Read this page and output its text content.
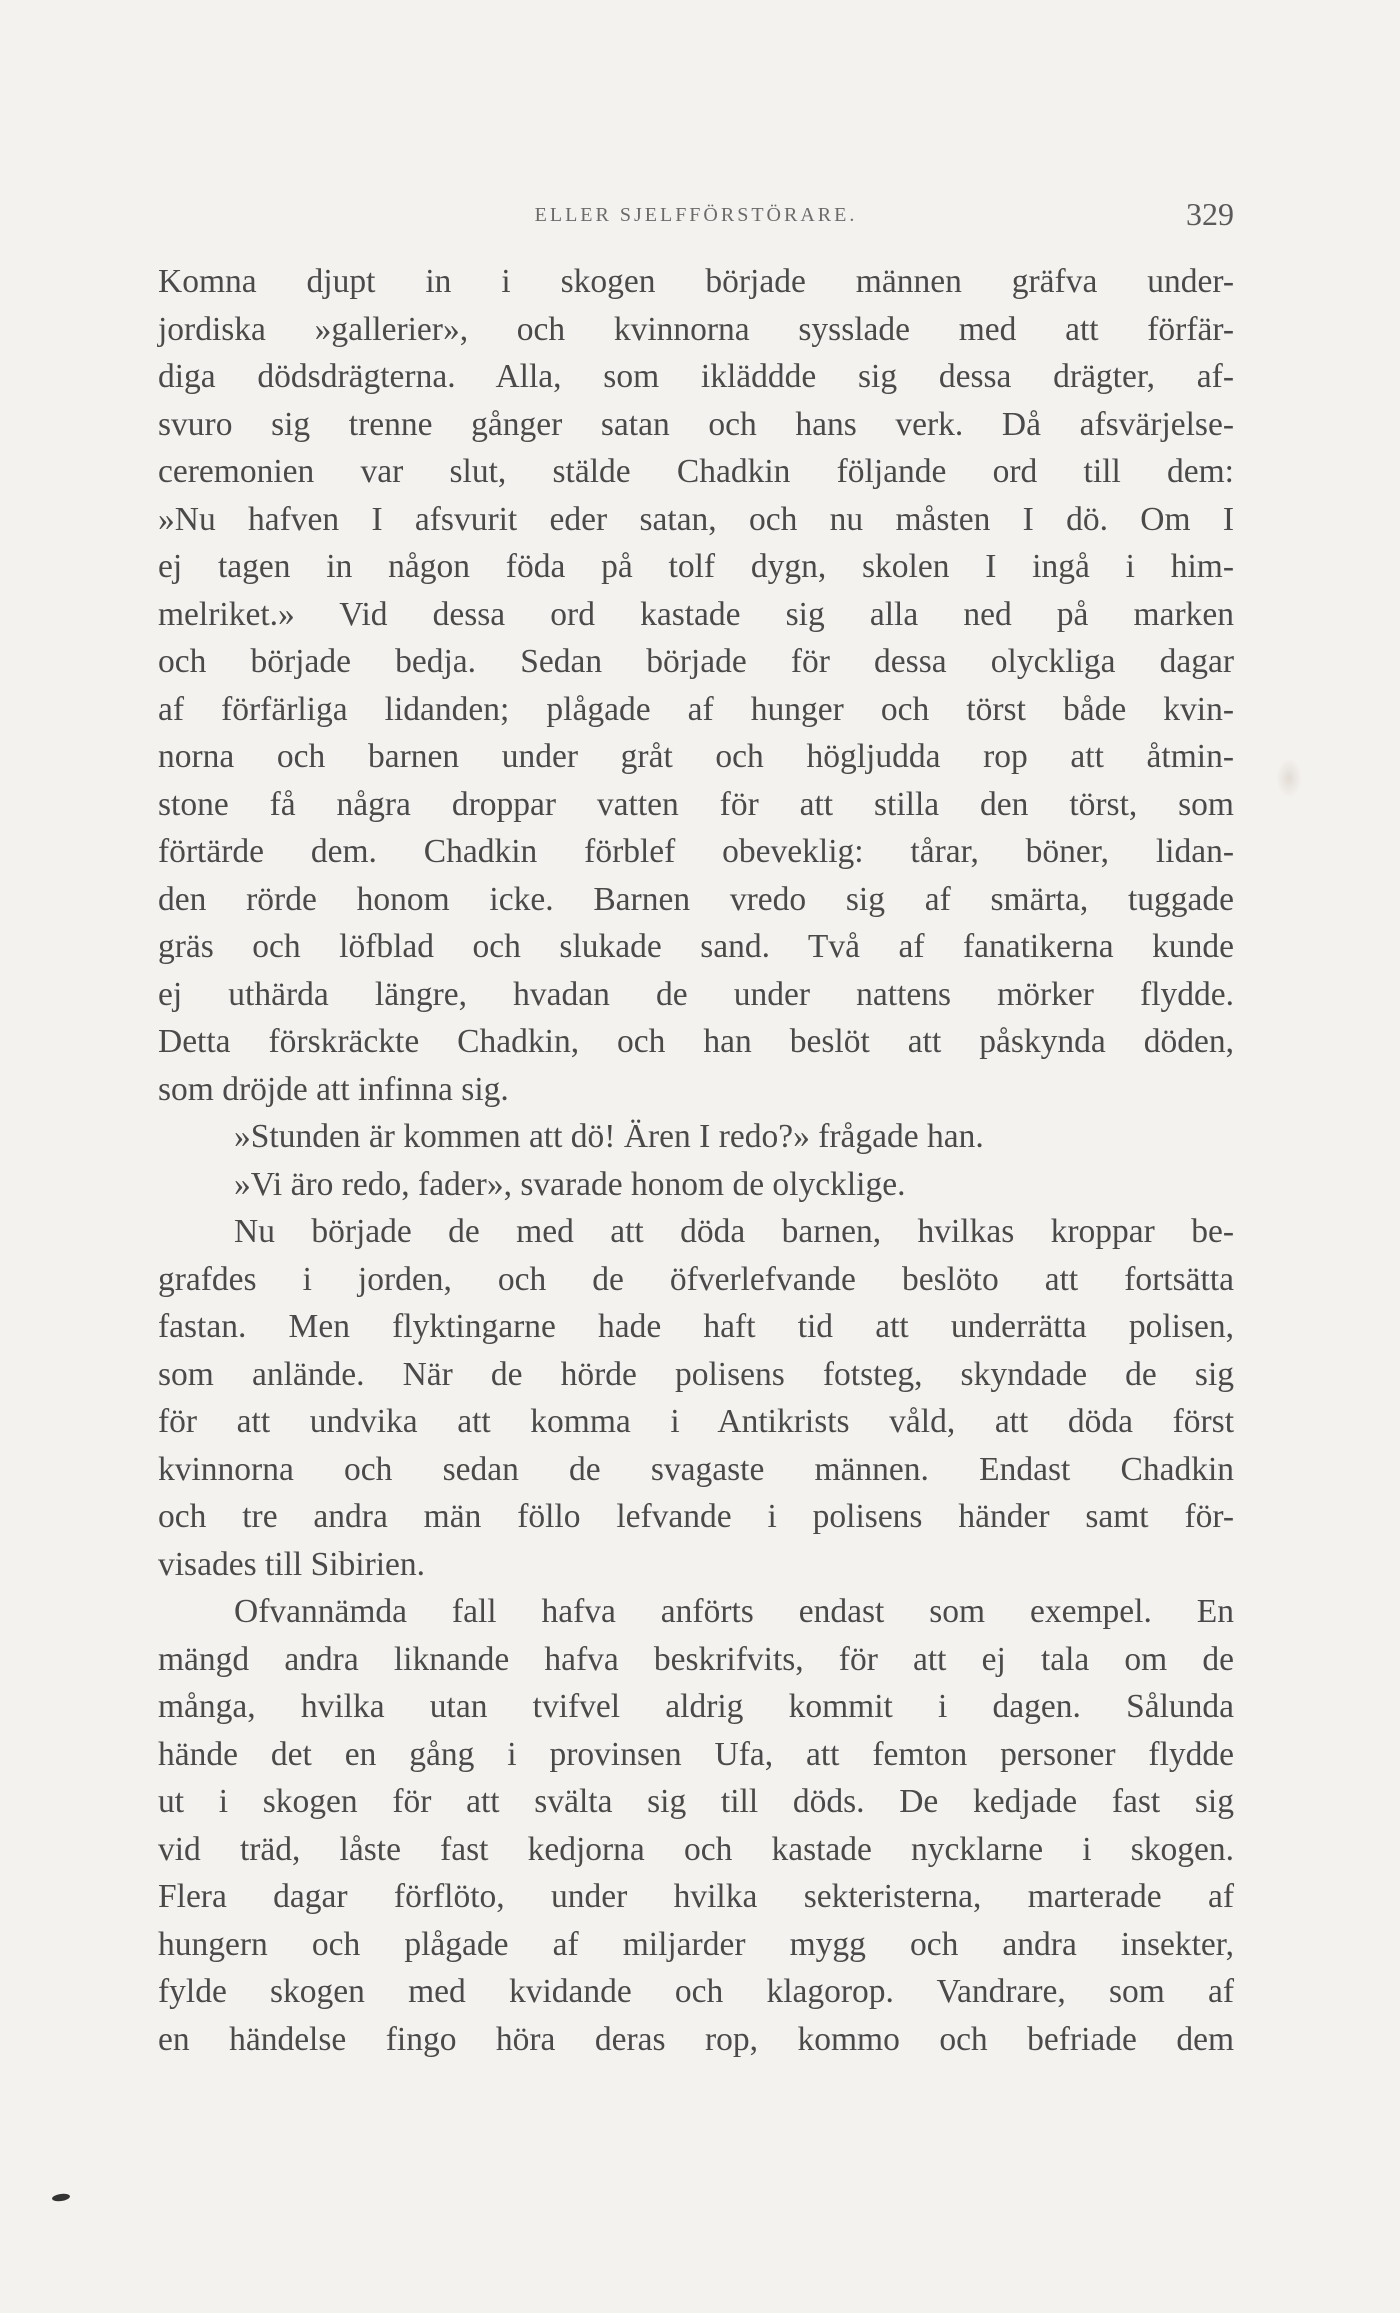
ELLER SJELFFÖRSTÖRARE.	329

Komna djupt in i skogen började männen gräfva under-

jordiska »gallerier», och kvinnorna sysslade med att förfär-

diga dödsdrägterna. Alla, som ikläddde sig dessa drägter, af-

svuro sig trenne gånger satan och hans verk. Då afsvärjelse-

ceremonien var slut, stälde Chadkin följande ord till dem:

»Nu hafven I afsvurit eder satan, och nu måsten I dö. Om I

ej tagen in någon föda på tolf dygn, skolen I ingå i him-

melriket.» Vid dessa ord kastade sig alla ned på marken

och började bedja. Sedan började för dessa olyckliga dagar

af förfärliga lidanden; plågade af hunger och törst både kvin-

norna och barnen under gråt och högljudda rop att åtmin-

stone få några droppar vatten för att stilla den törst, som

förtärde dem. Chadkin förblef obeveklig: tårar, böner, lidan-

den rörde honom icke. Barnen vredo sig af smärta, tuggade

gräs och löfblad och slukade sand. Två af fanatikerna kunde

ej uthärda längre, hvadan de under nattens mörker flydde.

Detta förskräckte Chadkin, och han beslöt att påskynda döden,

som dröjde att infinna sig.

»Stunden är kommen att dö! Ären I redo?» frågade han.

»Vi äro redo, fader», svarade honom de olycklige.

Nu började de med att döda barnen, hvilkas kroppar be-

grafdes i jorden, och de öfverlefvande beslöto att fortsätta

fastan. Men flyktingarne hade haft tid att underrätta polisen,

som anlände. När de hörde polisens fotsteg, skyndade de sig

för att undvika att komma i Antikrists våld, att döda först

kvinnorna och sedan de svagaste männen. Endast Chadkin

och tre andra män föllo lefvande i polisens händer samt för-

visades till Sibirien.

Ofvannämda fall hafva anförts endast som exempel. En

mängd andra liknande hafva beskrifvits, för att ej tala om de

många, hvilka utan tvifvel aldrig kommit i dagen. Sålunda

hände det en gång i provinsen Ufa, att femton personer flydde

ut i skogen för att svälta sig till döds. De kedjade fast sig

vid träd, låste fast kedjorna och kastade nycklarne i skogen.

Flera dagar förflöto, under hvilka sekteristerna, marterade af

hungern och plågade af miljarder mygg och andra insekter,

fylde skogen med kvidande och klagorop. Vandrare, som af

en händelse fingo höra deras rop, kommo och befriade dem
